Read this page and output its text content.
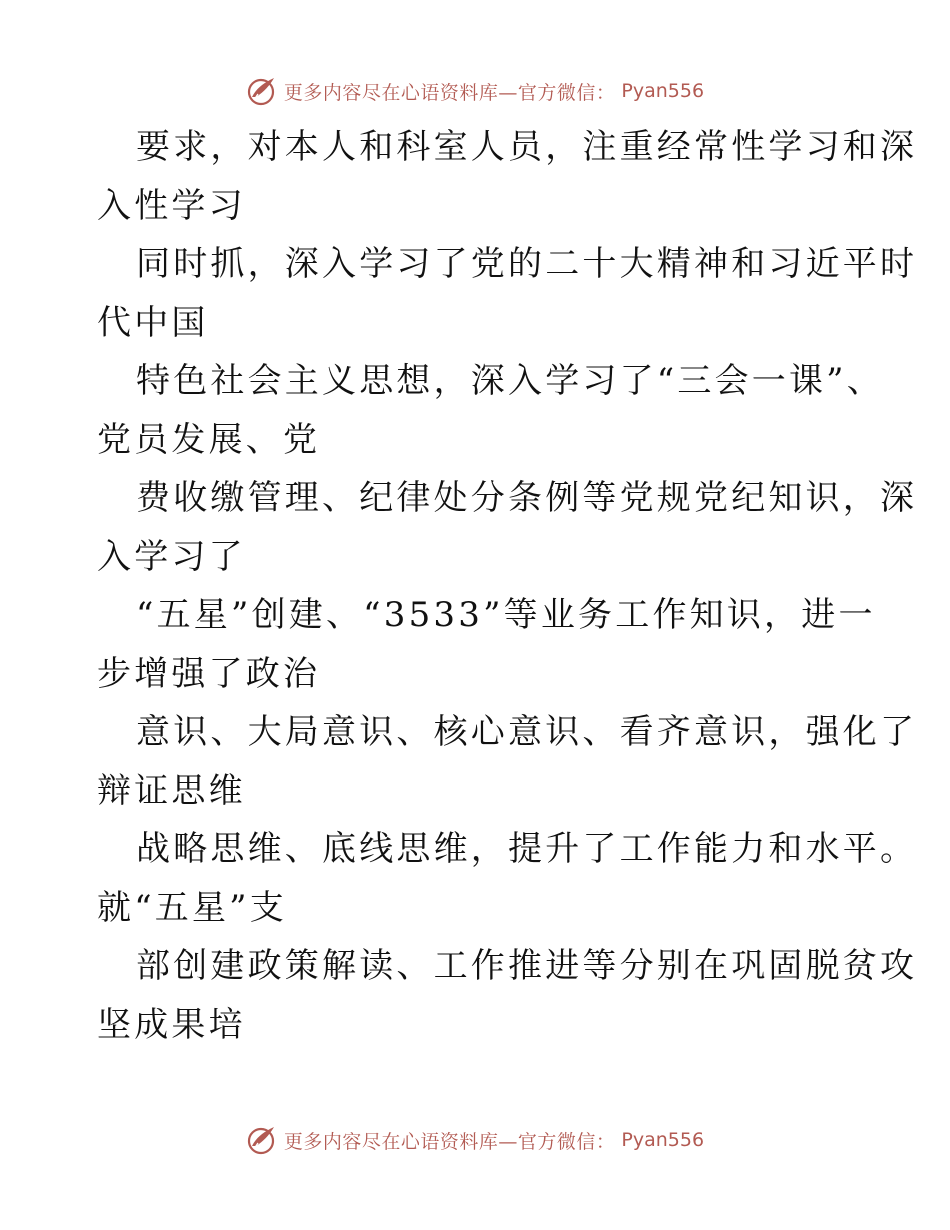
更多内容尽在心语资料库—官方微信： Pyan556
要求，对本人和科室人员，注重经常性学习和深
入性学习
同时抓，深入学习了党的二十大精神和习近平时
代中国
特色社会主义思想，深入学习了“三会一课”、
党员发展、党
费收缴管理、纪律处分条例等党规党纪知识，深
入学习了
“五星”创建、“3533”等业务工作知识，进一
步增强了政治
意识、大局意识、核心意识、看齐意识，强化了
辩证思维
战略思维、底线思维，提升了工作能力和水平。
就“五星”支
部创建政策解读、工作推进等分别在巩固脱贫攻
坚成果培
更多内容尽在心语资料库—官方微信： Pyan556
